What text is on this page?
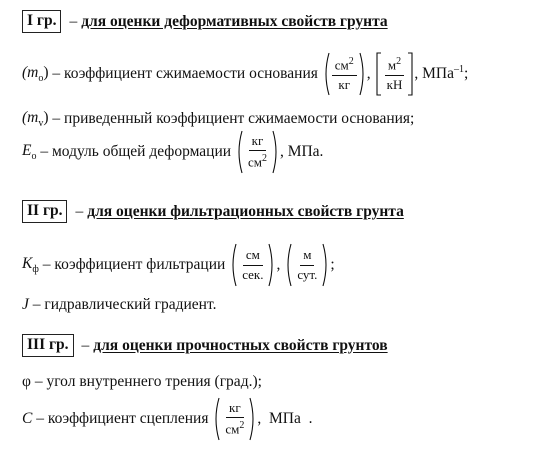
I гр. – для оценки деформативных свойств грунта
$(m_o)$ – коэффициент сжимаемости основания $\frac{см^2}{кг}$ , $\frac{м^2}{кН}$ , МПа$^{-1}$;
$(m_v)$ – приведенный коэффициент сжимаемости основания;
$E_o$ – модуль общей деформации $\frac{кг}{см^2}$ , МПа.
II гр. – для оценки фильтрационных свойств грунта
$K_ф$ – коэффициент фильтрации $\frac{см}{\text{сек.}}$ , $\frac{м}{\text{сут.}}$ ;
J – гидравлический градиент.
III гр. – для оценки прочностных свойств грунтов
φ – угол внутреннего трения (град.);
C – коэффициент сцепления $\frac{кг}{см^2}$ ,  МПа  .
